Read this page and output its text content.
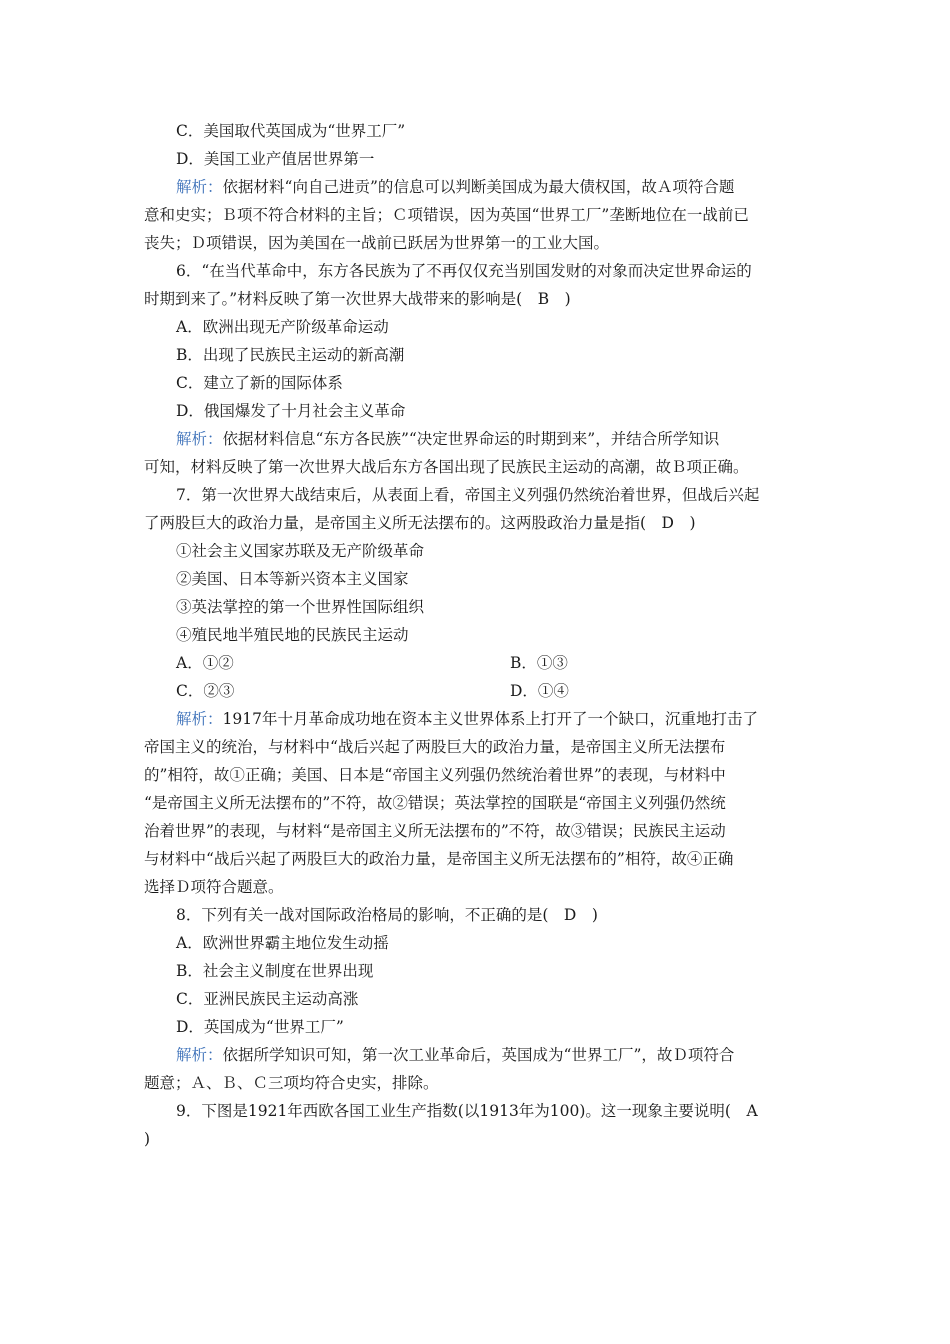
C．美国取代英国成为“世界工厂”
D．美国工业产值居世界第一
解析：依据材料“向自己进贡”的信息可以判断美国成为最大债权国，故Ａ项符合题
意和史实；Ｂ项不符合材料的主旨；Ｃ项错误，因为英国“世界工厂”垄断地位在一战前已
丧失；Ｄ项错误，因为美国在一战前已跃居为世界第一的工业大国。
6．“在当代革命中，东方各民族为了不再仅仅充当别国发财的对象而决定世界命运的
时期到来了。”材料反映了第一次世界大战带来的影响是(　B　)
A．欧洲出现无产阶级革命运动
B．出现了民族民主运动的新高潮
C．建立了新的国际体系
D．俄国爆发了十月社会主义革命
解析：依据材料信息“东方各民族”“决定世界命运的时期到来”，并结合所学知识
可知，材料反映了第一次世界大战后东方各国出现了民族民主运动的高潮，故Ｂ项正确。
7．第一次世界大战结束后，从表面上看，帝国主义列强仍然统治着世界，但战后兴起
了两股巨大的政治力量，是帝国主义所无法摆布的。这两股政治力量是指(　D　)
①社会主义国家苏联及无产阶级革命
②美国、日本等新兴资本主义国家
③英法掌控的第一个世界性国际组织
④殖民地半殖民地的民族民主运动
A．①②	B．①③
C．②③	D．①④
解析：1917年十月革命成功地在资本主义世界体系上打开了一个缺口，沉重地打击了
帝国主义的统治，与材料中“战后兴起了两股巨大的政治力量，是帝国主义所无法摆布
的”相符，故①正确；美国、日本是“帝国主义列强仍然统治着世界”的表现，与材料中
“是帝国主义所无法摆布的”不符，故②错误；英法掌控的国联是“帝国主义列强仍然统
治着世界”的表现，与材料“是帝国主义所无法摆布的”不符，故③错误；民族民主运动
与材料中“战后兴起了两股巨大的政治力量，是帝国主义所无法摆布的”相符，故④正确
选择Ｄ项符合题意。
8．下列有关一战对国际政治格局的影响，不正确的是(　D　)
A．欧洲世界霸主地位发生动摇
B．社会主义制度在世界出现
C．亚洲民族民主运动高涨
D．英国成为“世界工厂”
解析：依据所学知识可知，第一次工业革命后，英国成为“世界工厂”，故Ｄ项符合
题意；Ａ、Ｂ、Ｃ三项均符合史实，排除。
9．下图是1921年西欧各国工业生产指数(以1913年为100)。这一现象主要说明(　A
)
